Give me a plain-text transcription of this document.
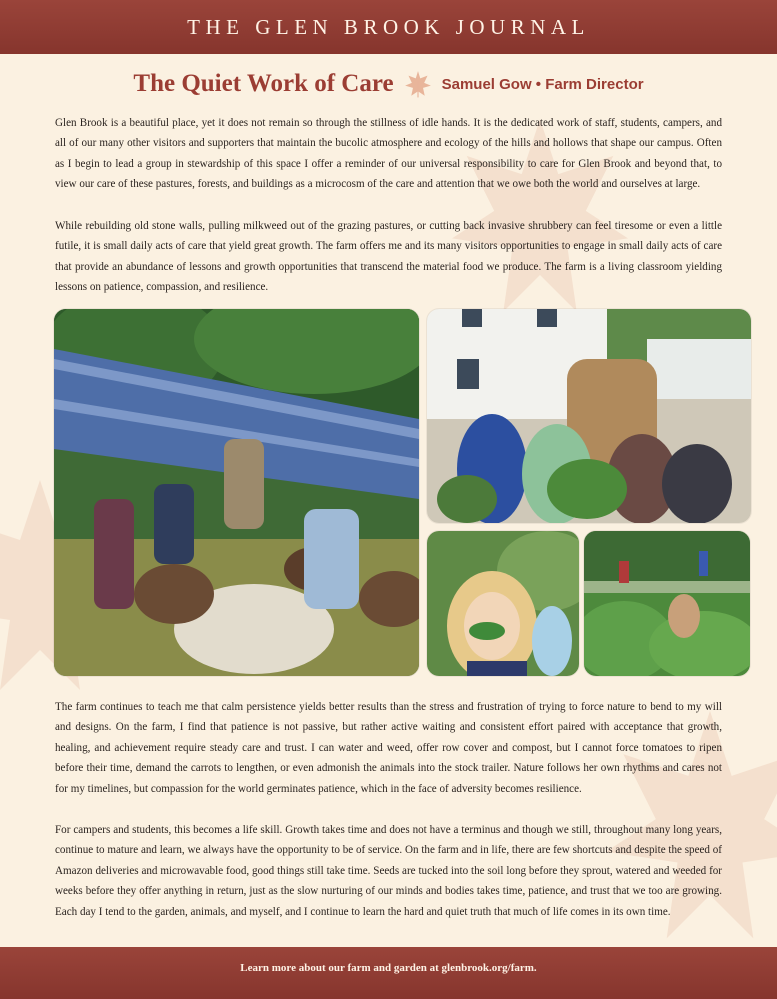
THE GLEN BROOK JOURNAL
The Quiet Work of Care	Samuel Gow • Farm Director

Glen Brook is a beautiful place, yet it does not remain so through the stillness of idle hands. It is the dedicated work of staff, students, campers, and all of our many other visitors and supporters that maintain the bucolic atmosphere and ecology of the hills and hollows that shape our campus. Often as I begin to lead a group in stewardship of this space I offer a reminder of our universal responsibility to care for Glen Brook and beyond that, to view our care of these pastures, forests, and buildings as a microcosm of the care and attention that we owe both the world and ourselves at large.

While rebuilding old stone walls, pulling milkweed out of the grazing pastures, or cutting back invasive shrubbery can feel tiresome or even a little futile, it is small daily acts of care that yield great growth. The farm offers me and its many visitors opportunities to engage in small daily acts of care that provide an abundance of lessons and growth opportunities that transcend the material food we produce. The farm is a living classroom yielding lessons on patience, compassion, and resilience.

The farm continues to teach me that calm persistence yields better results than the stress and frustration of trying to force nature to bend to my will and designs. On the farm, I find that patience is not passive, but rather active waiting and consistent effort paired with acceptance that growth, healing, and achievement require steady care and trust. I can water and weed, offer row cover and compost, but I cannot force tomatoes to ripen before their time, demand the carrots to lengthen, or even admonish the animals into the stock trailer. Nature follows her own rhythms and cares not for my timelines, but compassion for the world germinates patience, which in the face of adversity becomes resilience.

For campers and students, this becomes a life skill. Growth takes time and does not have a terminus and though we still, throughout many long years, continue to mature and learn, we always have the opportunity to be of service. On the farm and in life, there are few shortcuts and despite the speed of Amazon deliveries and microwavable food, good things still take time. Seeds are tucked into the soil long before they sprout, watered and weeded for weeks before they offer anything in return, just as the slow nurturing of our minds and bodies takes time, patience, and trust that we too are growing. Each day I tend to the garden, animals, and myself, and I continue to learn the hard and quiet truth that much of life comes in its own time.

Learn more about our farm and garden at glenbrook.org/farm.
